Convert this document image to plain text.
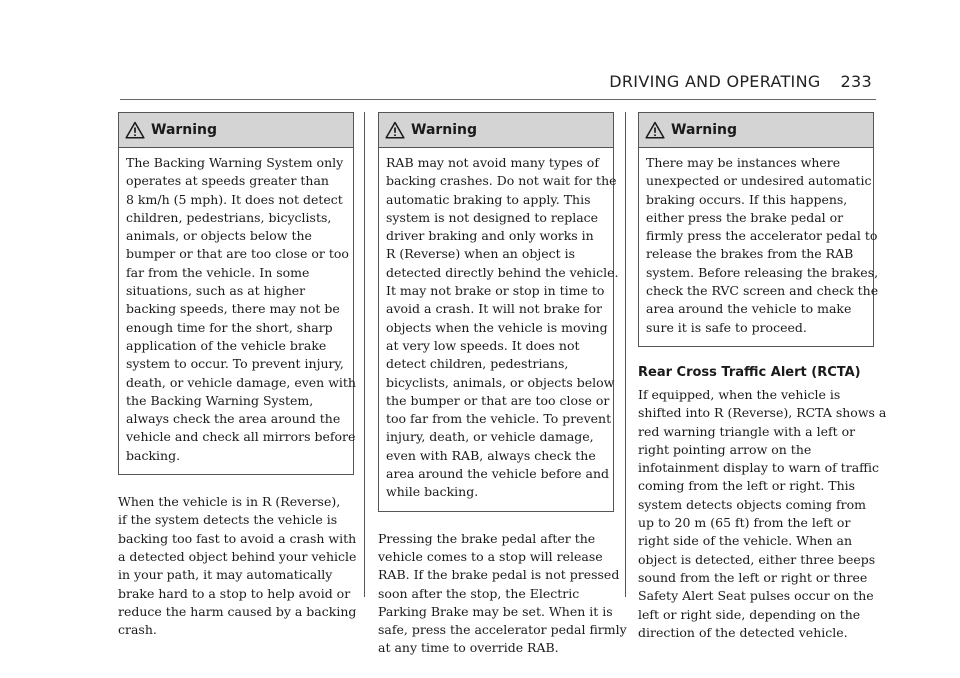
DRIVING AND OPERATING 233
Warning
The Backing Warning System only
operates at speeds greater than
8 km/h (5 mph). It does not detect
children, pedestrians, bicyclists,
animals, or objects below the
bumper or that are too close or too
far from the vehicle. In some
situations, such as at higher
backing speeds, there may not be
enough time for the short, sharp
application of the vehicle brake
system to occur. To prevent injury,
death, or vehicle damage, even with
the Backing Warning System,
always check the area around the
vehicle and check all mirrors before
backing.
When the vehicle is in R (Reverse),
if the system detects the vehicle is
backing too fast to avoid a crash with
a detected object behind your vehicle
in your path, it may automatically
brake hard to a stop to help avoid or
reduce the harm caused by a backing
crash.
Warning
RAB may not avoid many types of
backing crashes. Do not wait for the
automatic braking to apply. This
system is not designed to replace
driver braking and only works in
R (Reverse) when an object is
detected directly behind the vehicle.
It may not brake or stop in time to
avoid a crash. It will not brake for
objects when the vehicle is moving
at very low speeds. It does not
detect children, pedestrians,
bicyclists, animals, or objects below
the bumper or that are too close or
too far from the vehicle. To prevent
injury, death, or vehicle damage,
even with RAB, always check the
area around the vehicle before and
while backing.
Pressing the brake pedal after the
vehicle comes to a stop will release
RAB. If the brake pedal is not pressed
soon after the stop, the Electric
Parking Brake may be set. When it is
safe, press the accelerator pedal firmly
at any time to override RAB.
Warning
There may be instances where
unexpected or undesired automatic
braking occurs. If this happens,
either press the brake pedal or
firmly press the accelerator pedal to
release the brakes from the RAB
system. Before releasing the brakes,
check the RVC screen and check the
area around the vehicle to make
sure it is safe to proceed.
Rear Cross Traffic Alert (RCTA)
If equipped, when the vehicle is
shifted into R (Reverse), RCTA shows a
red warning triangle with a left or
right pointing arrow on the
infotainment display to warn of traffic
coming from the left or right. This
system detects objects coming from
up to 20 m (65 ft) from the left or
right side of the vehicle. When an
object is detected, either three beeps
sound from the left or right or three
Safety Alert Seat pulses occur on the
left or right side, depending on the
direction of the detected vehicle.
